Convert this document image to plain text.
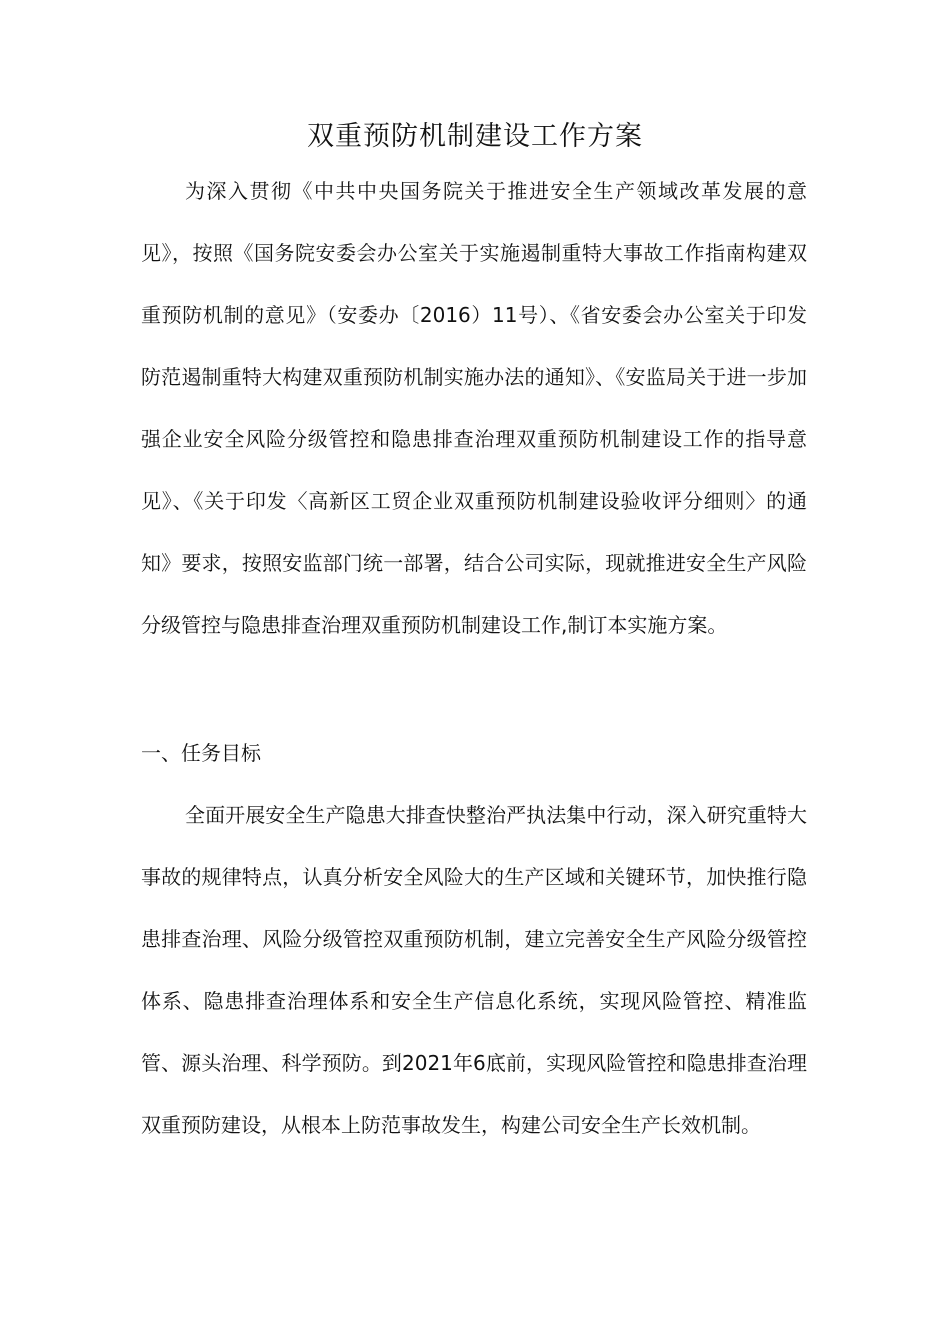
双重预防机制建设工作方案

为深入贯彻《中共中央国务院关于推进安全生产领域改革发展的意见》，按照《国务院安委会办公室关于实施遏制重特大事故工作指南构建双重预防机制的意见》（安委办〔2016）11号）、《省安委会办公室关于印发防范遏制重特大构建双重预防机制实施办法的通知》、《安监局关于进一步加强企业安全风险分级管控和隐患排查治理双重预防机制建设工作的指导意见》、《关于印发〈高新区工贸企业双重预防机制建设验收评分细则〉的通知》要求，按照安监部门统一部署，结合公司实际，现就推进安全生产风险分级管控与隐患排查治理双重预防机制建设工作,制订本实施方案。

一、任务目标

全面开展安全生产隐患大排查快整治严执法集中行动，深入研究重特大事故的规律特点，认真分析安全风险大的生产区域和关键环节，加快推行隐患排查治理、风险分级管控双重预防机制，建立完善安全生产风险分级管控体系、隐患排查治理体系和安全生产信息化系统，实现风险管控、精准监管、源头治理、科学预防。到2021年6底前，实现风险管控和隐患排查治理双重预防建设，从根本上防范事故发生，构建公司安全生产长效机制。
